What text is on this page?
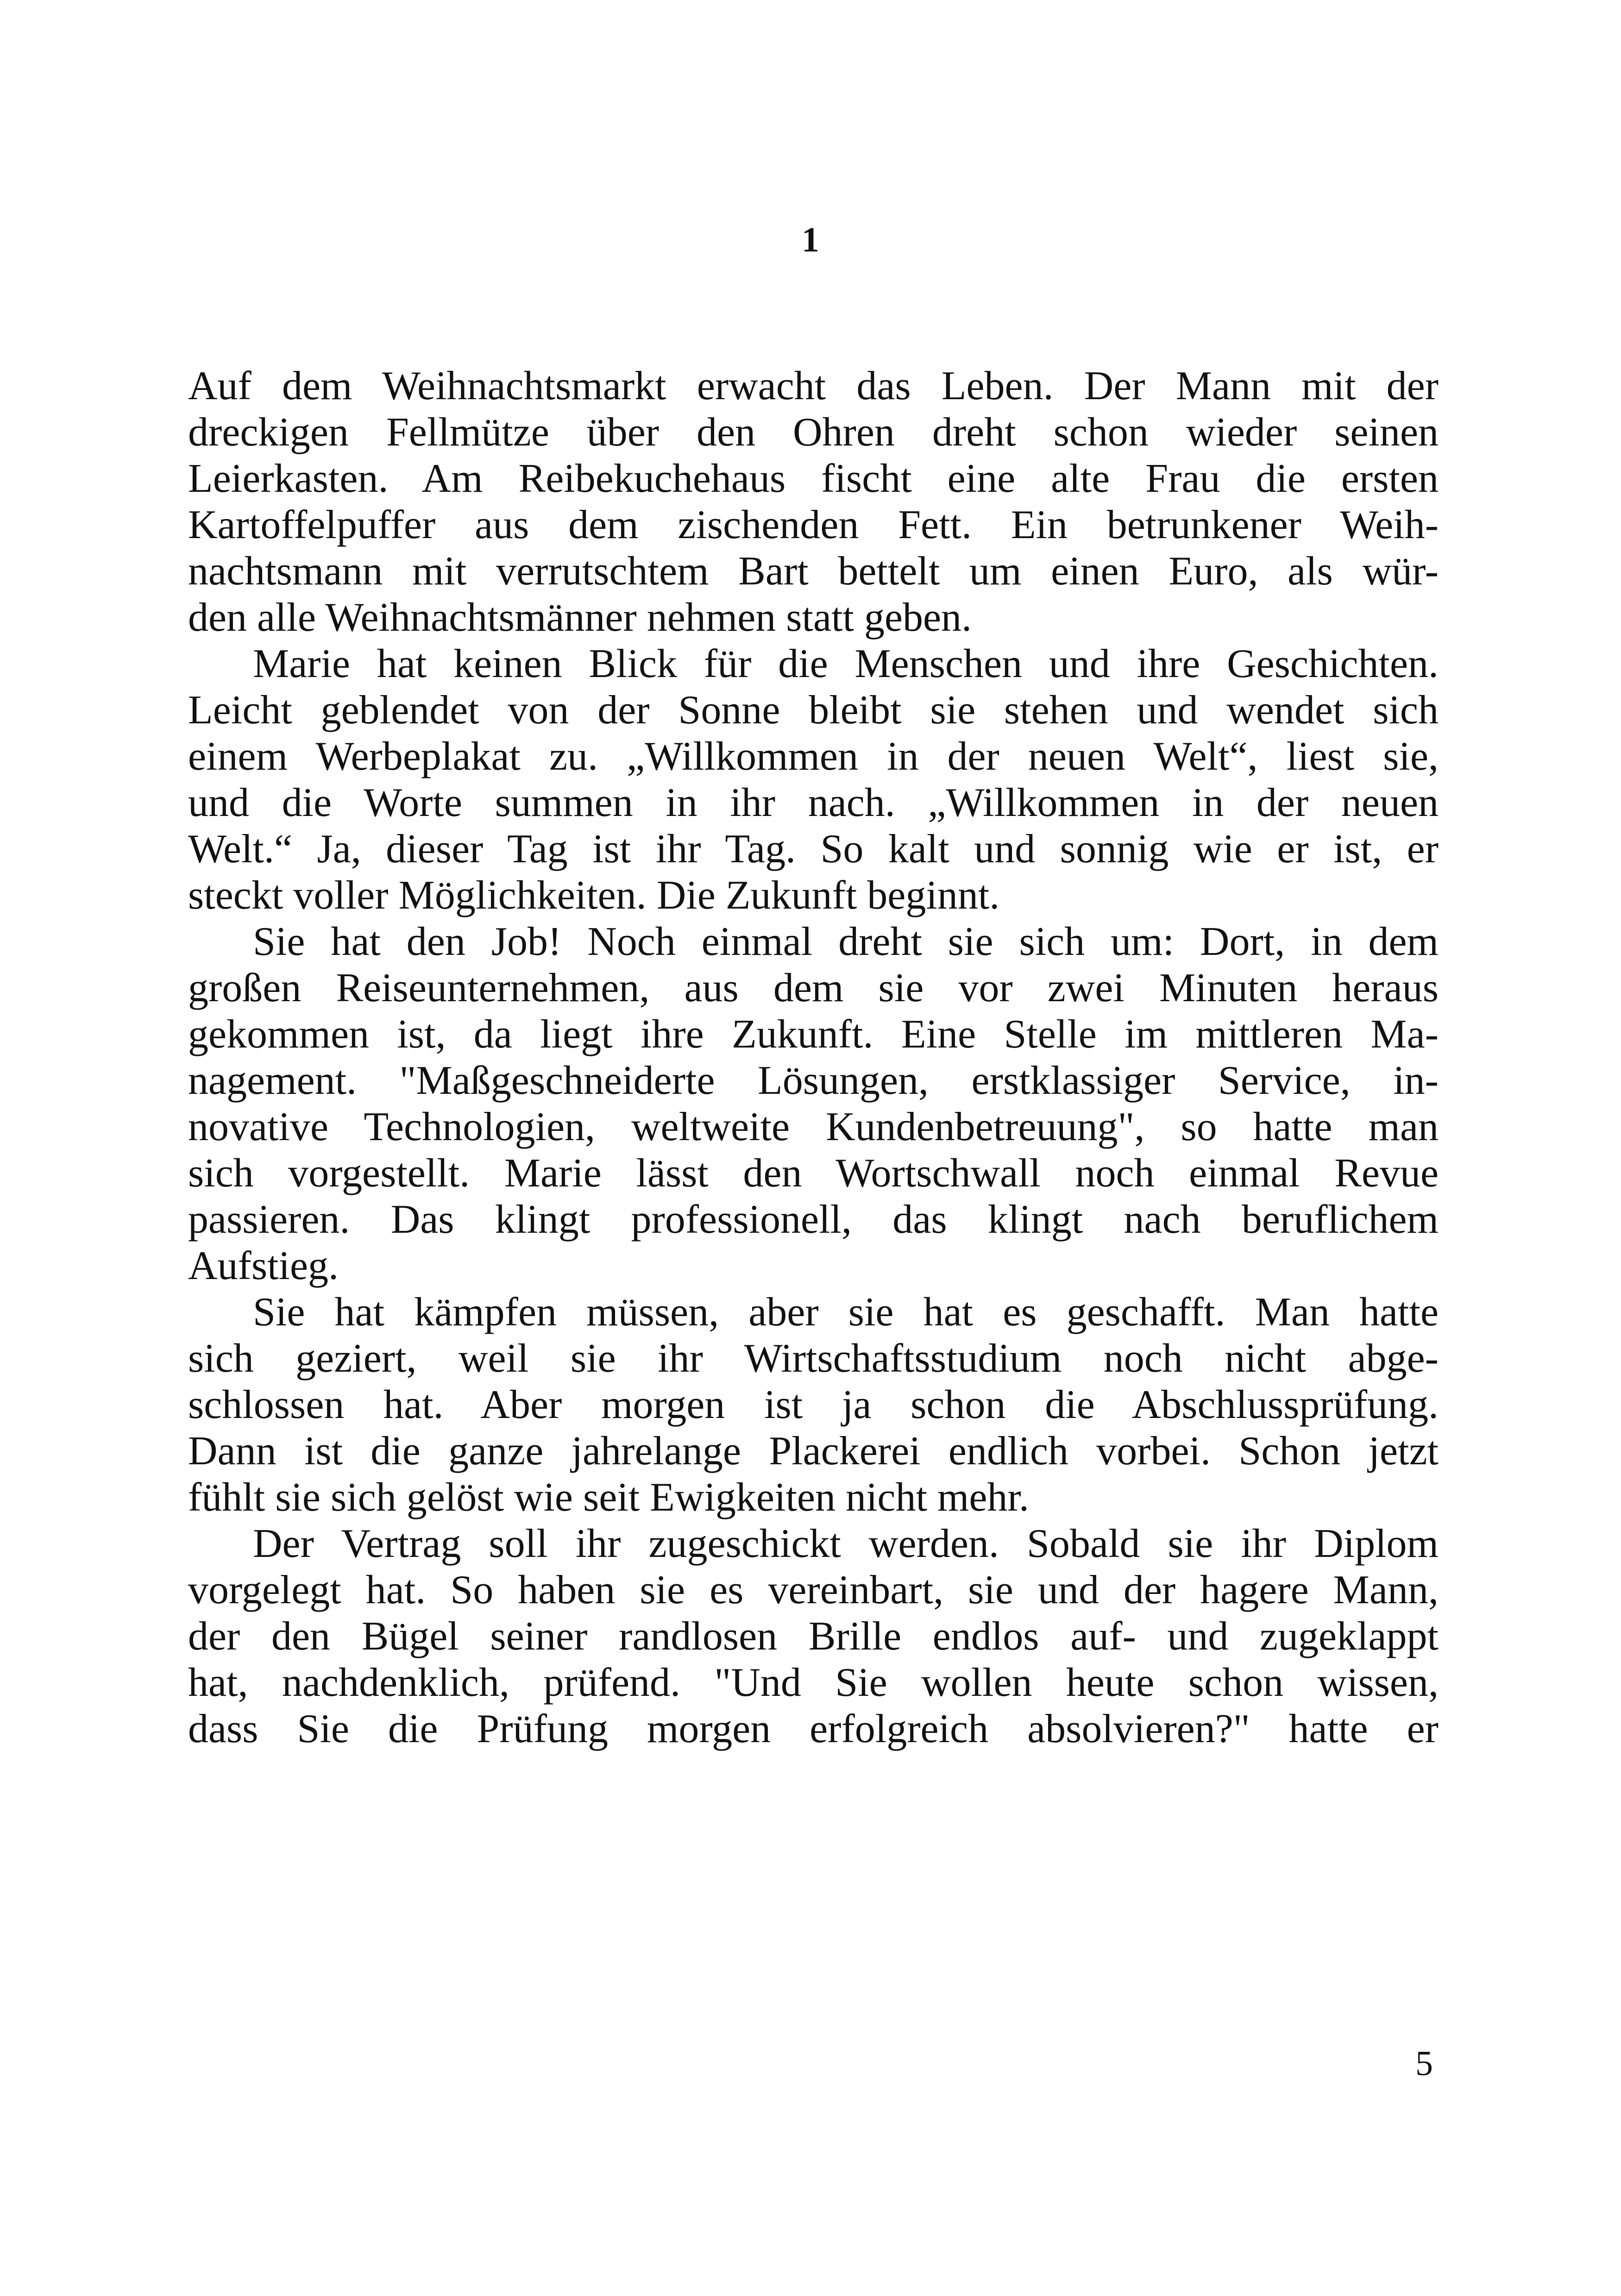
1
Auf dem Weihnachtsmarkt erwacht das Leben. Der Mann mit der
dreckigen Fellmütze über den Ohren dreht schon wieder seinen
Leierkasten. Am Reibekuchehaus fischt eine alte Frau die ersten
Kartoffelpuffer aus dem zischenden Fett. Ein betrunkener Weih-
nachtsmann mit verrutschtem Bart bettelt um einen Euro, als wür-
den alle Weihnachtsmänner nehmen statt geben.
Marie hat keinen Blick für die Menschen und ihre Geschichten.
Leicht geblendet von der Sonne bleibt sie stehen und wendet sich
einem Werbeplakat zu. „Willkommen in der neuen Welt“, liest sie,
und die Worte summen in ihr nach. „Willkommen in der neuen
Welt.“ Ja, dieser Tag ist ihr Tag. So kalt und sonnig wie er ist, er
steckt voller Möglichkeiten. Die Zukunft beginnt.
Sie hat den Job! Noch einmal dreht sie sich um: Dort, in dem
großen Reiseunternehmen, aus dem sie vor zwei Minuten heraus
gekommen ist, da liegt ihre Zukunft. Eine Stelle im mittleren Ma-
nagement. "Maßgeschneiderte Lösungen, erstklassiger Service, in-
novative Technologien, weltweite Kundenbetreuung", so hatte man
sich vorgestellt. Marie lässt den Wortschwall noch einmal Revue
passieren. Das klingt professionell, das klingt nach beruflichem
Aufstieg.
Sie hat kämpfen müssen, aber sie hat es geschafft. Man hatte
sich geziert, weil sie ihr Wirtschaftsstudium noch nicht abge-
schlossen hat. Aber morgen ist ja schon die Abschlussprüfung.
Dann ist die ganze jahrelange Plackerei endlich vorbei. Schon jetzt
fühlt sie sich gelöst wie seit Ewigkeiten nicht mehr.
Der Vertrag soll ihr zugeschickt werden. Sobald sie ihr Diplom
vorgelegt hat. So haben sie es vereinbart, sie und der hagere Mann,
der den Bügel seiner randlosen Brille endlos auf- und zugeklappt
hat, nachdenklich, prüfend. "Und Sie wollen heute schon wissen,
dass Sie die Prüfung morgen erfolgreich absolvieren?" hatte er
5
